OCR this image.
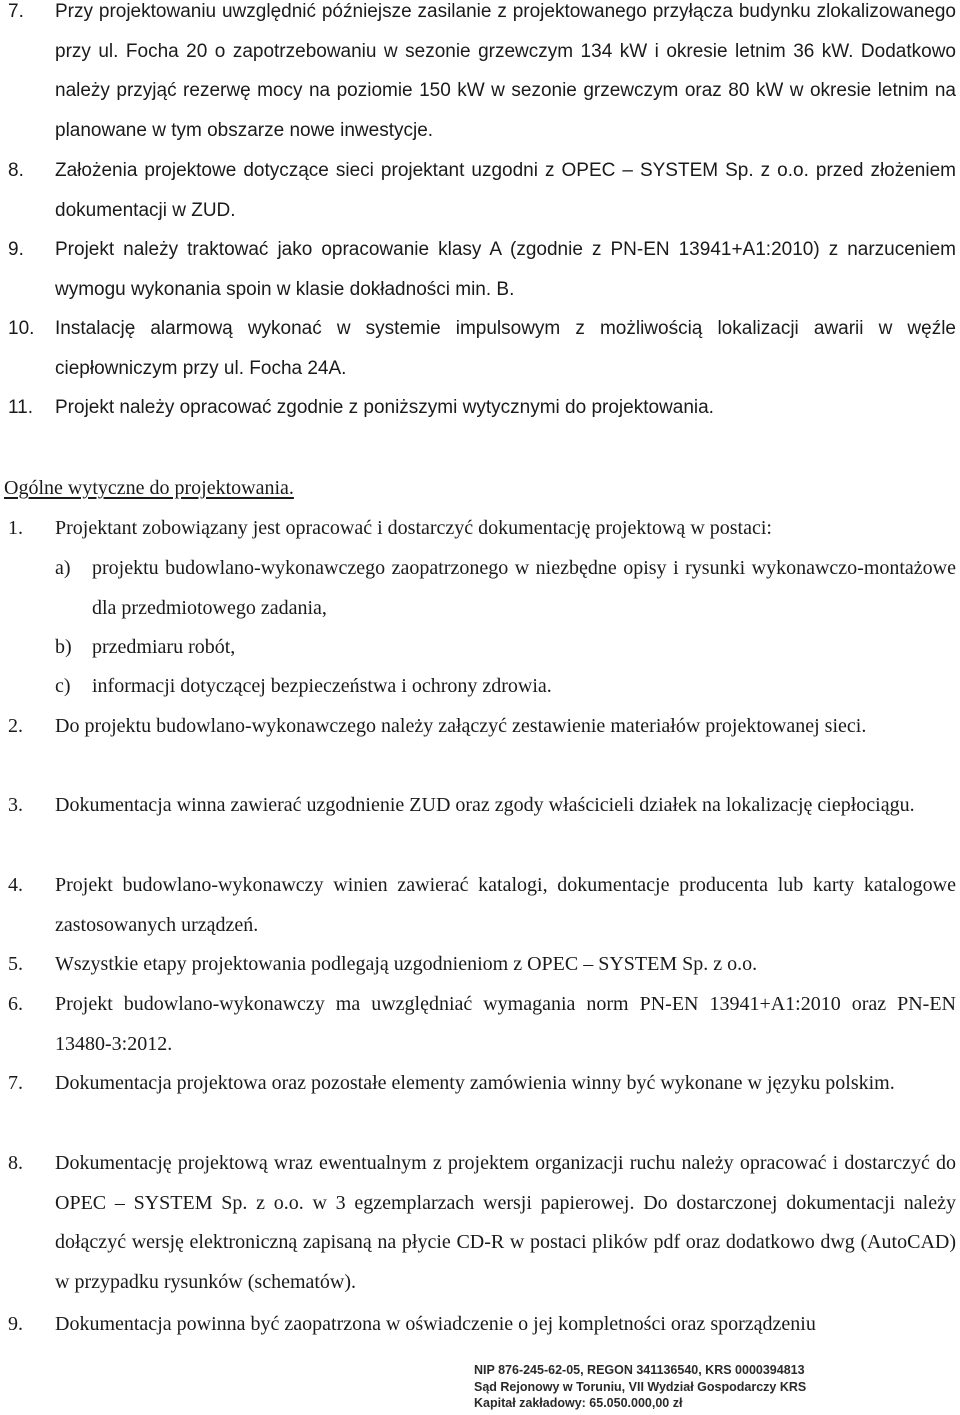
7. Przy projektowaniu uwzględnić późniejsze zasilanie z projektowanego przyłącza budynku zlokalizowanego przy ul. Focha 20 o zapotrzebowaniu w sezonie grzewczym 134 kW i okresie letnim 36 kW. Dodatkowo należy przyjąć rezerwę mocy na poziomie 150 kW w sezonie grzewczym oraz 80 kW w okresie letnim na planowane w tym obszarze nowe inwestycje.
8. Założenia projektowe dotyczące sieci projektant uzgodni z OPEC – SYSTEM Sp. z o.o. przed złożeniem dokumentacji w ZUD.
9. Projekt należy traktować jako opracowanie klasy A (zgodnie z PN-EN 13941+A1:2010) z narzuceniem wymogu wykonania spoin w klasie dokładności min. B.
10. Instalację alarmową wykonać w systemie impulsowym z możliwością lokalizacji awarii w węźle ciepłowniczym przy ul. Focha 24A.
11. Projekt należy opracować zgodnie z poniższymi wytycznymi do projektowania.
Ogólne wytyczne do projektowania.
1. Projektant zobowiązany jest opracować i dostarczyć dokumentację projektową w postaci:
a) projektu budowlano-wykonawczego zaopatrzonego w niezbędne opisy i rysunki wykonawczo-montażowe dla przedmiotowego zadania,
b) przedmiaru robót,
c) informacji dotyczącej bezpieczeństwa i ochrony zdrowia.
2. Do projektu budowlano-wykonawczego należy załączyć zestawienie materiałów projektowanej sieci.
3. Dokumentacja winna zawierać uzgodnienie ZUD oraz zgody właścicieli działek na lokalizację ciepłociągu.
4. Projekt budowlano-wykonawczy winien zawierać katalogi, dokumentacje producenta lub karty katalogowe zastosowanych urządzeń.
5. Wszystkie etapy projektowania podlegają uzgodnieniom z OPEC – SYSTEM Sp. z o.o.
6. Projekt budowlano-wykonawczy ma uwzględniać wymagania norm PN-EN 13941+A1:2010 oraz PN-EN 13480-3:2012.
7. Dokumentacja projektowa oraz pozostałe elementy zamówienia winny być wykonane w języku polskim.
8. Dokumentację projektową wraz ewentualnym z projektem organizacji ruchu należy opracować i dostarczyć do OPEC – SYSTEM Sp. z o.o. w 3 egzemplarzach wersji papierowej. Do dostarczonej dokumentacji należy dołączyć wersję elektroniczną zapisaną na płycie CD-R w postaci plików pdf oraz dodatkowo dwg (AutoCAD) w przypadku rysunków (schematów).
9. Dokumentacja powinna być zaopatrzona w oświadczenie o jej kompletności oraz sporządzeniu
NIP 876-245-62-05, REGON 341136540, KRS 0000394813
Sąd Rejonowy w Toruniu, VII Wydział Gospodarczy KRS
Kapitał zakładowy: 65.050.000,00 zł
